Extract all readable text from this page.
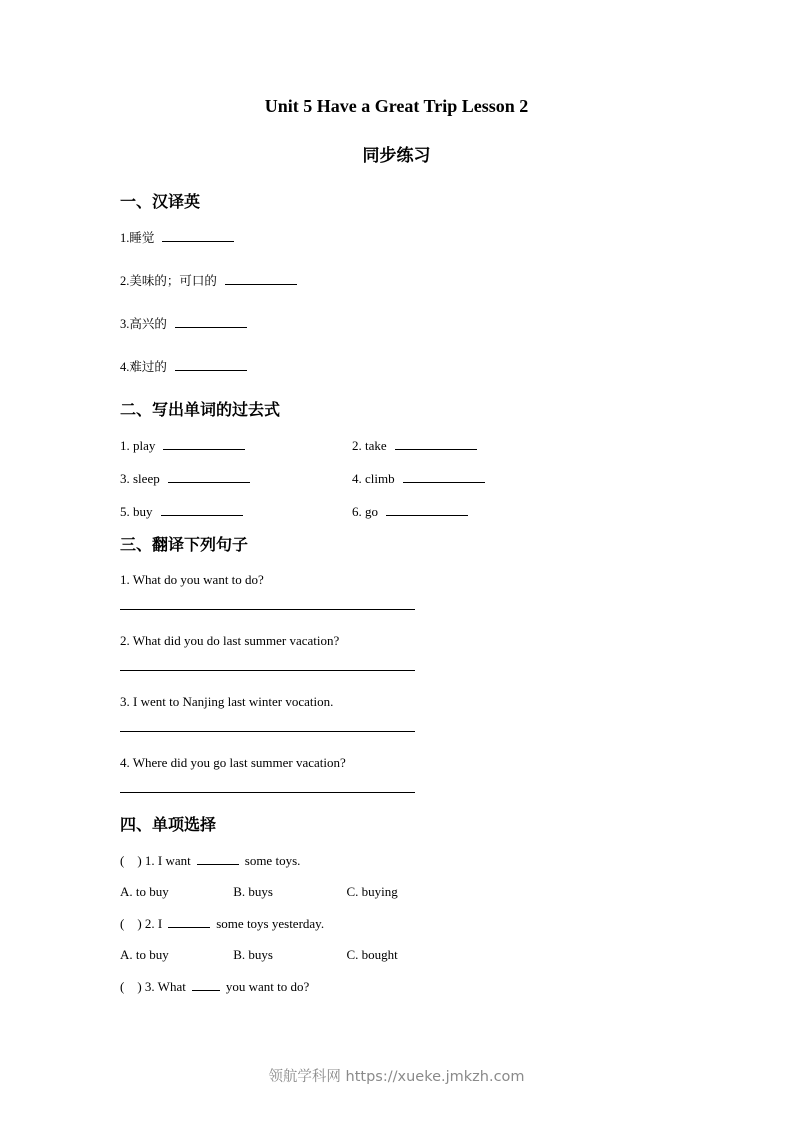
Unit 5 Have a Great Trip Lesson 2
同步练习
一、汉译英

1.睡觉

2.美味的；可口的

3.高兴的

4.难过的

二、写出单词的过去式

1. play	2. take

3. sleep	4. climb

5. buy	6. go

三、翻译下列句子

1. What do you want to do?

2. What did you do last summer vacation?

3. I went to Nanjing last winter vocation.

4. Where did you go last summer vacation?

四、单项选择

(　) 1. I want	some toys.

A. to buy	B. buys	C. buying

(　) 2. I	some toys yesterday.

A. to buy	B. buys	C. bought

(　) 3. What	you want to do?

领航学科网 https://xueke.jmkzh.com
